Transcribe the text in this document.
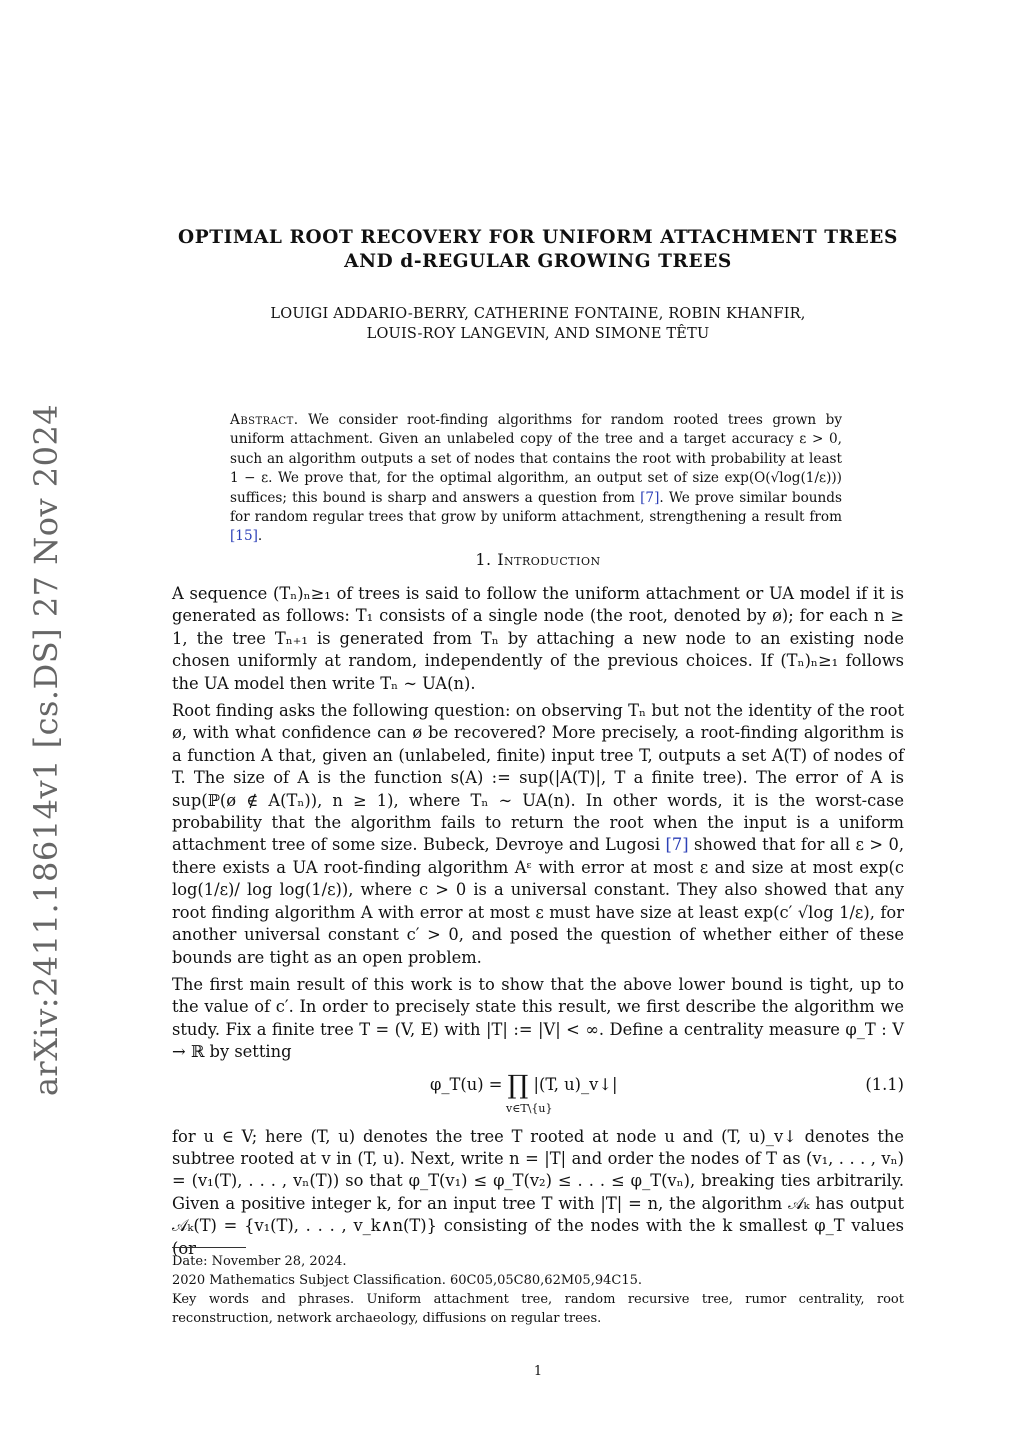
arXiv:2411.18614v1 [cs.DS] 27 Nov 2024
OPTIMAL ROOT RECOVERY FOR UNIFORM ATTACHMENT TREES
AND d-REGULAR GROWING TREES
LOUIGI ADDARIO-BERRY, CATHERINE FONTAINE, ROBIN KHANFIR,
LOUIS-ROY LANGEVIN, AND SIMONE TÊTU
Abstract. We consider root-finding algorithms for random rooted trees grown by uniform attachment. Given an unlabeled copy of the tree and a target accuracy ε > 0, such an algorithm outputs a set of nodes that contains the root with probability at least 1 − ε. We prove that, for the optimal algorithm, an output set of size exp(O(√log(1/ε))) suffices; this bound is sharp and answers a question from [7]. We prove similar bounds for random regular trees that grow by uniform attachment, strengthening a result from [15].
1. Introduction

A sequence (Tₙ)ₙ≥₁ of trees is said to follow the uniform attachment or UA model if it is generated as follows: T₁ consists of a single node (the root, denoted by ø); for each n ≥ 1, the tree Tₙ₊₁ is generated from Tₙ by attaching a new node to an existing node chosen uniformly at random, independently of the previous choices. If (Tₙ)ₙ≥₁ follows the UA model then write Tₙ ∼ UA(n).

Root finding asks the following question: on observing Tₙ but not the identity of the root ø, with what confidence can ø be recovered? More precisely, a root-finding algorithm is a function A that, given an (unlabeled, finite) input tree T, outputs a set A(T) of nodes of T. The size of A is the function s(A) := sup(|A(T)|, T a finite tree). The error of A is sup(ℙ(ø ∉ A(Tₙ)), n ≥ 1), where Tₙ ∼ UA(n). In other words, it is the worst-case probability that the algorithm fails to return the root when the input is a uniform attachment tree of some size. Bubeck, Devroye and Lugosi [7] showed that for all ε > 0, there exists a UA root-finding algorithm Aᵋ with error at most ε and size at most exp(c log(1/ε)/ log log(1/ε)), where c > 0 is a universal constant. They also showed that any root finding algorithm A with error at most ε must have size at least exp(c′ √log 1/ε), for another universal constant c′ > 0, and posed the question of whether either of these bounds are tight as an open problem.

The first main result of this work is to show that the above lower bound is tight, up to the value of c′. In order to precisely state this result, we first describe the algorithm we study. Fix a finite tree T = (V, E) with |T| := |V| < ∞. Define a centrality measure φ_T : V → ℝ by setting

φ_T(u) = ∏ |(T, u)_v↓|
v∈T\{u}
(1.1)

for u ∈ V; here (T, u) denotes the tree T rooted at node u and (T, u)_v↓ denotes the subtree rooted at v in (T, u). Next, write n = |T| and order the nodes of T as (v₁, . . . , vₙ) = (v₁(T), . . . , vₙ(T)) so that φ_T(v₁) ≤ φ_T(v₂) ≤ . . . ≤ φ_T(vₙ), breaking ties arbitrarily. Given a positive integer k, for an input tree T with |T| = n, the algorithm 𝒜ₖ has output 𝒜ₖ(T) = {v₁(T), . . . , v_k∧n(T)} consisting of the nodes with the k smallest φ_T values (or

Date: November 28, 2024.

2020 Mathematics Subject Classification. 60C05,05C80,62M05,94C15.

Key words and phrases. Uniform attachment tree, random recursive tree, rumor centrality, root reconstruction, network archaeology, diffusions on regular trees.

1
